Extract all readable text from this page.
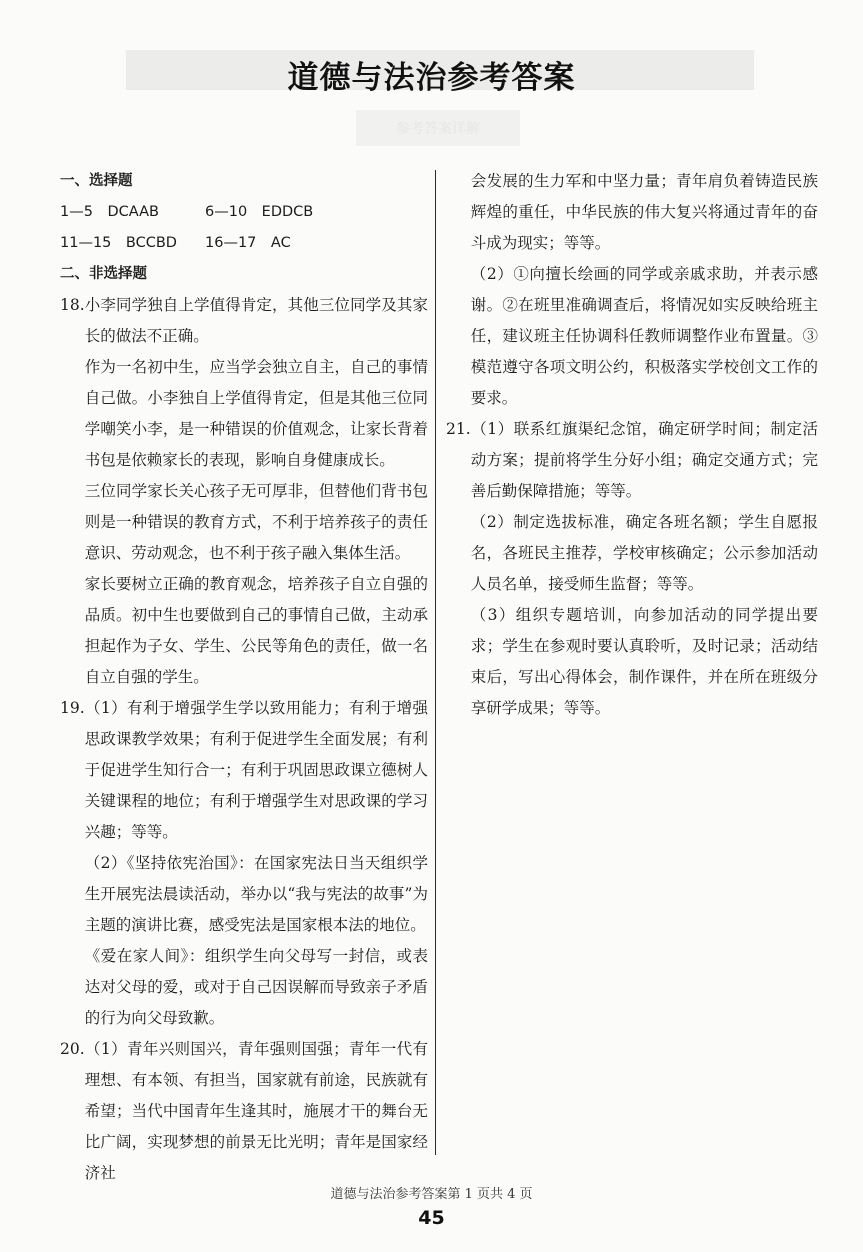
道德与法治参考答案
参考答案详解

一、选择题

1—5　DCAAB	6—10　EDDCB
11—15　BCCBD	16—17　AC

二、非选择题

18.小李同学独自上学值得肯定，其他三位同学及其家长的做法不正确。

作为一名初中生，应当学会独立自主，自己的事情自己做。小李独自上学值得肯定，但是其他三位同学嘲笑小李，是一种错误的价值观念，让家长背着书包是依赖家长的表现，影响自身健康成长。

三位同学家长关心孩子无可厚非，但替他们背书包则是一种错误的教育方式，不利于培养孩子的责任意识、劳动观念，也不利于孩子融入集体生活。

家长要树立正确的教育观念，培养孩子自立自强的品质。初中生也要做到自己的事情自己做，主动承担起作为子女、学生、公民等角色的责任，做一名自立自强的学生。

19.（1）有利于增强学生学以致用能力；有利于增强思政课教学效果；有利于促进学生全面发展；有利于促进学生知行合一；有利于巩固思政课立德树人关键课程的地位；有利于增强学生对思政课的学习兴趣；等等。

（2）《坚持依宪治国》：在国家宪法日当天组织学生开展宪法晨读活动，举办以“我与宪法的故事”为主题的演讲比赛，感受宪法是国家根本法的地位。

《爱在家人间》：组织学生向父母写一封信，或表达对父母的爱，或对于自己因误解而导致亲子矛盾的行为向父母致歉。

20.（1）青年兴则国兴，青年强则国强；青年一代有理想、有本领、有担当，国家就有前途，民族就有希望；当代中国青年生逢其时，施展才干的舞台无比广阔，实现梦想的前景无比光明；青年是国家经济社

会发展的生力军和中坚力量；青年肩负着铸造民族辉煌的重任，中华民族的伟大复兴将通过青年的奋斗成为现实；等等。

（2）①向擅长绘画的同学或亲戚求助，并表示感谢。②在班里准确调查后，将情况如实反映给班主任，建议班主任协调科任教师调整作业布置量。③模范遵守各项文明公约，积极落实学校创文工作的要求。

21.（1）联系红旗渠纪念馆，确定研学时间；制定活动方案；提前将学生分好小组；确定交通方式；完善后勤保障措施；等等。

（2）制定选拔标准，确定各班名额；学生自愿报名，各班民主推荐，学校审核确定；公示参加活动人员名单，接受师生监督；等等。

（3）组织专题培训，向参加活动的同学提出要求；学生在参观时要认真聆听，及时记录；活动结束后，写出心得体会，制作课件，并在所在班级分享研学成果；等等。

道德与法治参考答案第 1 页共 4 页
45
